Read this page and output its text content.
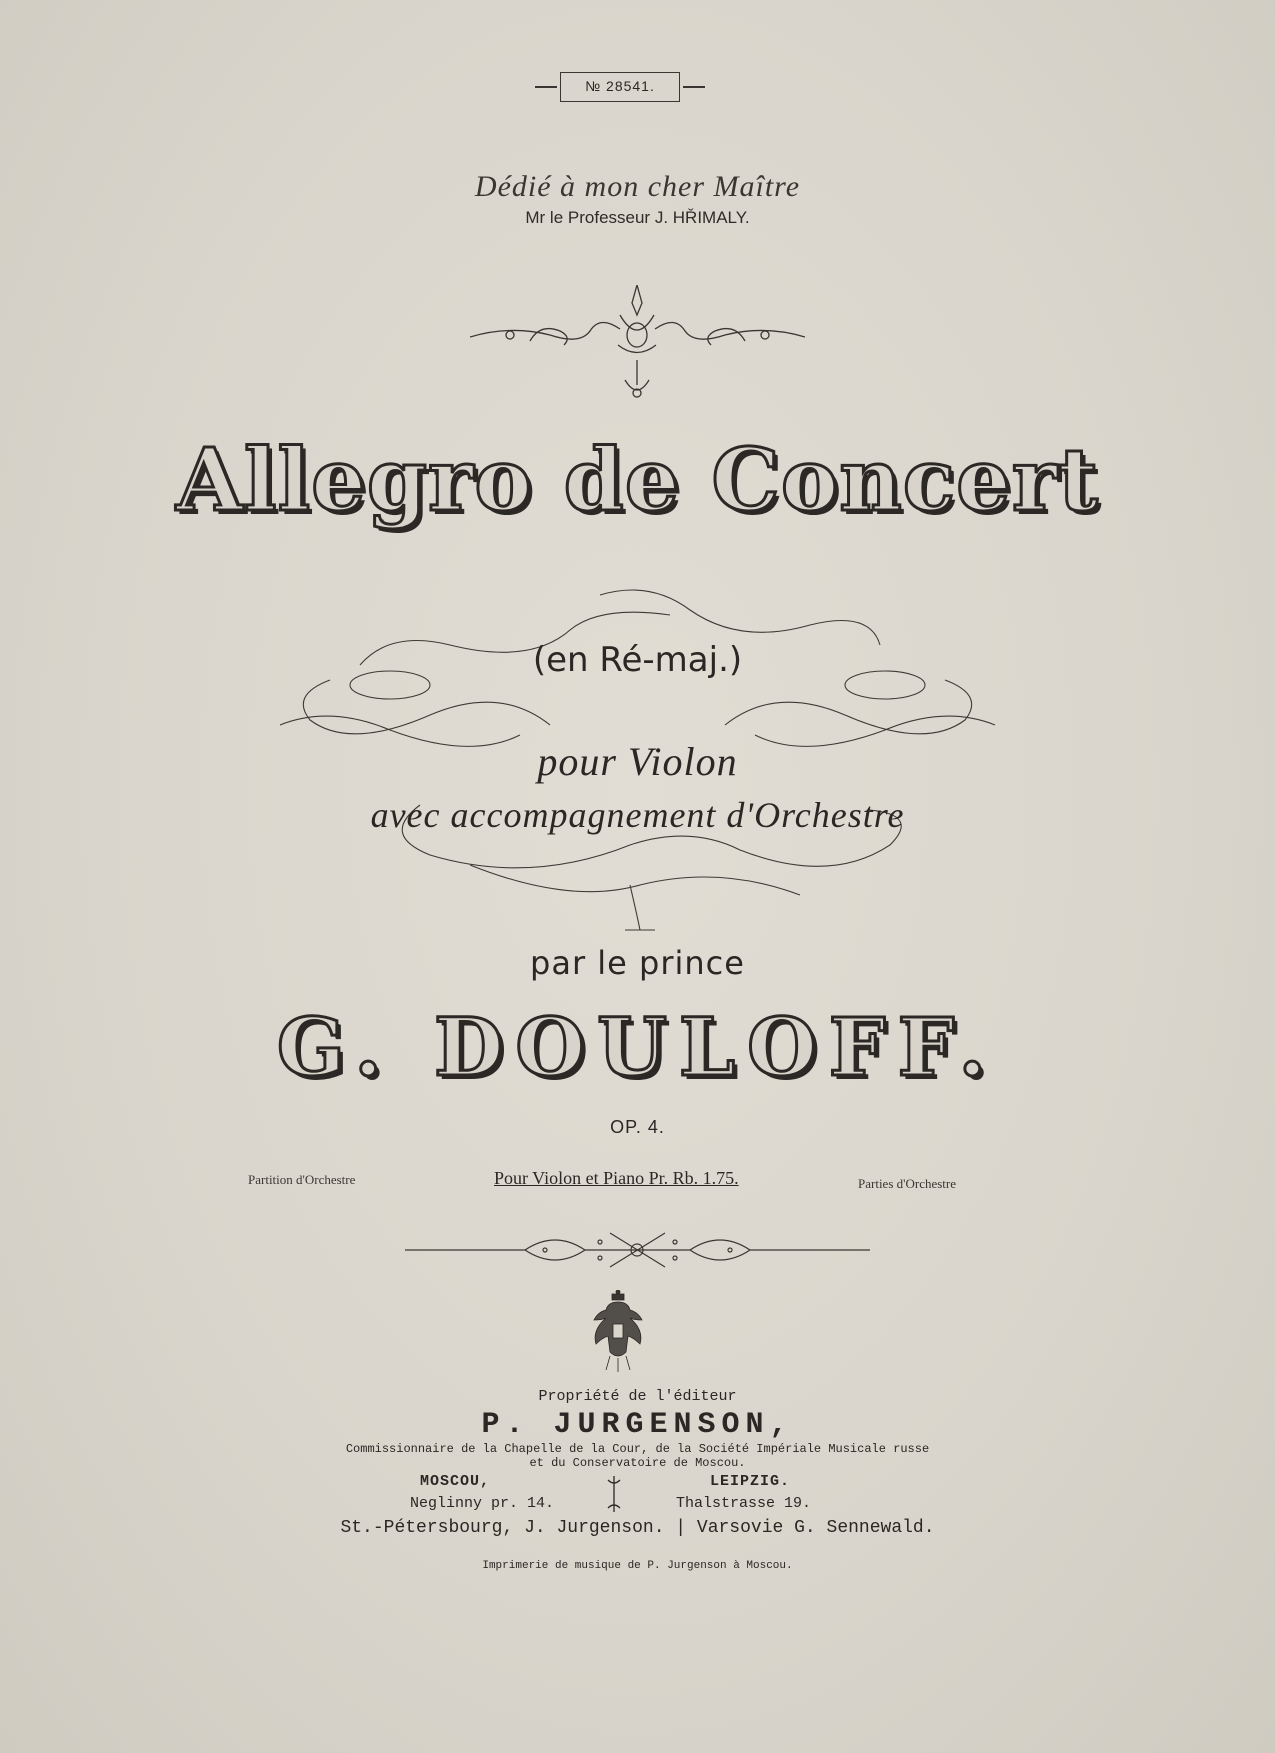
№ 28541.
Dédié à mon cher Maître
Mr le Professeur J. HŘIMALY.
Allegro de Concert
(en Ré-maj.)
pour Violon
avec accompagnement d'Orchestre
par le prince
G. DOULOFF.
OP. 4.
Partition d'Orchestre	Pour Violon et Piano Pr. Rb. 1.75.	Parties d'Orchestre
Propriété de l'éditeur
P. JURGENSON,
Commissionnaire de la Chapelle de la Cour, de la Société Impériale Musicale russe
et du Conservatoire de Moscou.
MOSCOU,
Neglinny pr. 14.
LEIPZIG.
Thalstrasse 19.
St.-Pétersbourg, J. Jurgenson. | Varsovie G. Sennewald.
Imprimerie de musique de P. Jurgenson à Moscou.
